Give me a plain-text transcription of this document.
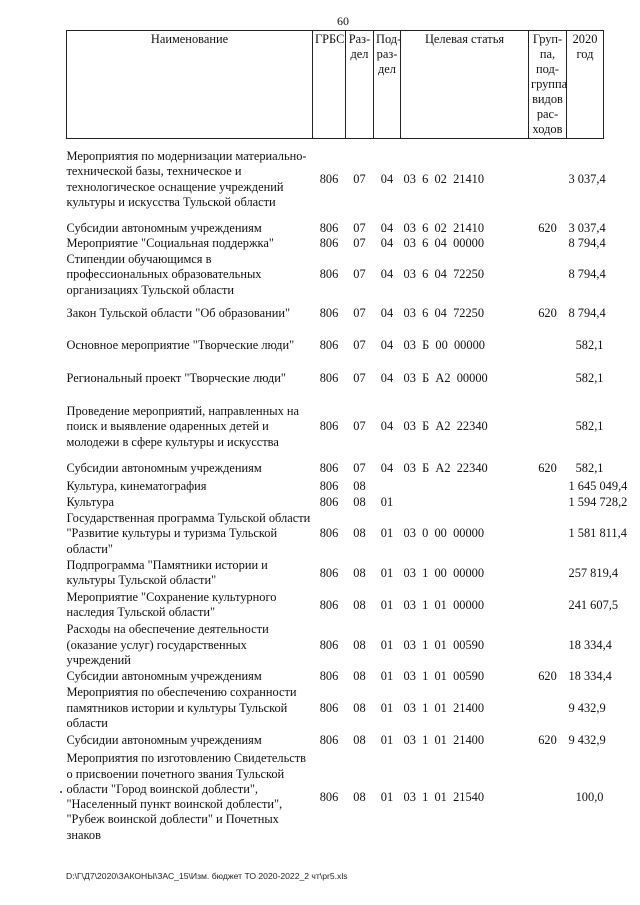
60
Наименование	ГРБС	Раз- дел	Под- раз- дел	Целевая статья	Груп- па, под- группа видов рас- ходов	2020 год
Мероприятия по модернизации материально-технической базы, техническое и технологическое оснащение учреждений культуры и искусства Тульской области	806	07	04	03  6  02  21410		3 037,4
Субсидии автономным учреждениям	806	07	04	03  6  02  21410	620	3 037,4
Мероприятие "Социальная поддержка"	806	07	04	03  6  04  00000		8 794,4
Стипендии обучающимся в профессиональных образовательных организациях Тульской области	806	07	04	03  6  04  72250		8 794,4
Закон Тульской области "Об образовании"	806	07	04	03  6  04  72250	620	8 794,4
Основное мероприятие "Творческие люди"	806	07	04	03  Б  00  00000		582,1
Региональный проект "Творческие люди"	806	07	04	03  Б  А2  00000		582,1
Проведение мероприятий, направленных на поиск и выявление одаренных детей и молодежи в сфере культуры и искусства	806	07	04	03  Б  А2  22340		582,1
Субсидии автономным учреждениям	806	07	04	03  Б  А2  22340	620	582,1
Культура, кинематография	806	08				1 645 049,4
Культура	806	08	01			1 594 728,2
Государственная программа Тульской области "Развитие культуры и туризма Тульской области"	806	08	01	03  0  00  00000		1 581 811,4
Подпрограмма "Памятники истории и культуры Тульской области"	806	08	01	03  1  00  00000		257 819,4
Мероприятие "Сохранение культурного наследия Тульской области"	806	08	01	03  1  01  00000		241 607,5
Расходы на обеспечение деятельности (оказание услуг) государственных учреждений	806	08	01	03  1  01  00590		18 334,4
Субсидии автономным учреждениям	806	08	01	03  1  01  00590	620	18 334,4
Мероприятия по обеспечению сохранности памятников истории и культуры Тульской области	806	08	01	03  1  01  21400		9 432,9
Субсидии автономным учреждениям	806	08	01	03  1  01  21400	620	9 432,9
Мероприятия по изготовлению Свидетельств о присвоении почетного звания Тульской области "Город воинской доблести", "Населенный пункт воинской доблести", "Рубеж воинской доблести" и Почетных знаков	806	08	01	03  1  01  21540		100,0
D:\Г\Д7\2020\ЗАКОНЫ\ЗАС_15\Изм. бюджет ТО 2020-2022_2 чт\pr5.xls
